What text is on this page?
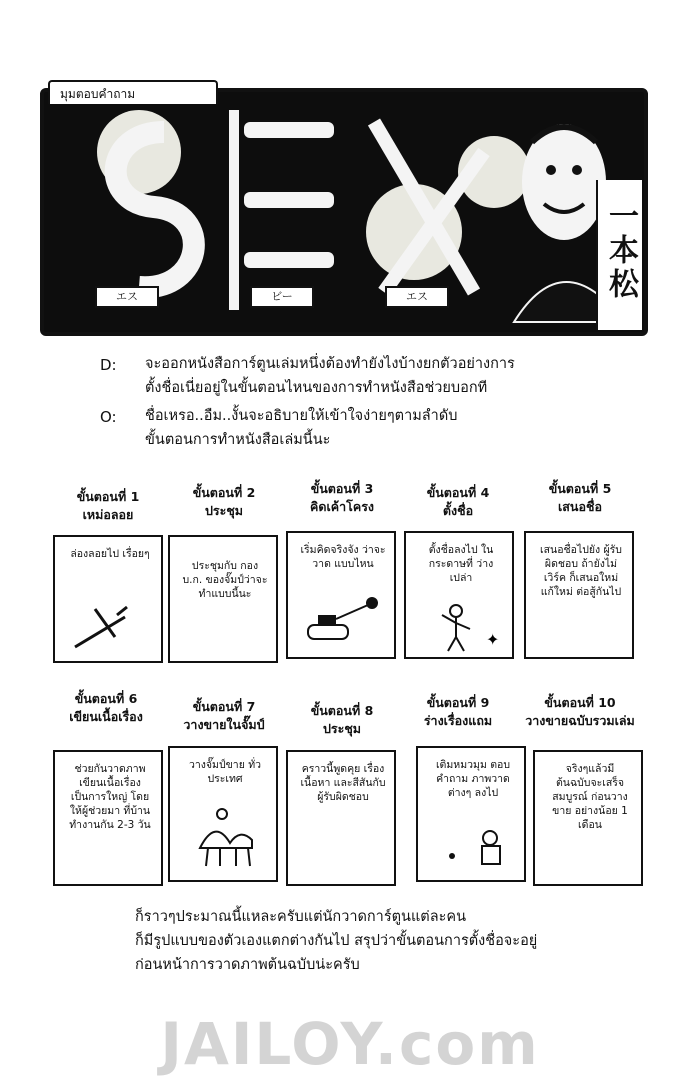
มุมตอบคำถาม
一本松
エス	ビー	エス
D: จะออกหนังสือการ์ตูนเล่มหนึ่งต้องทำยังไงบ้างยกตัวอย่างการ
ตั้งชื่อเนี่ยอยู่ในขั้นตอนไหนของการทำหนังสือช่วยบอกที
O: ชื่อเหรอ..อืม..งั้นจะอธิบายให้เข้าใจง่ายๆตามลำดับ
ขั้นตอนการทำหนังสือเล่มนี้นะ
ขั้นตอนที่ 1
เหม่อลอย
ขั้นตอนที่ 2
ประชุม
ขั้นตอนที่ 3
คิดเค้าโครง
ขั้นตอนที่ 4
ตั้งชื่อ
ขั้นตอนที่ 5
เสนอชื่อ
ล่องลอยไป เรื่อยๆ
ประชุมกับ กอง บ.ก. ของจั๊มป์ว่าจะ ทำแบบนี้นะ
เริ่มคิดจริงจัง ว่าจะวาด แบบไหน
ตั้งชื่อลงไป ในกระดาษที่ ว่างเปล่า
✦
เสนอชื่อไปยัง ผู้รับผิดชอบ ถ้ายังไม่เวิร์ค ก็เสนอใหม่ แก้ใหม่ ต่อสู้กันไป
ขั้นตอนที่ 6
เขียนเนื้อเรื่อง
ขั้นตอนที่ 7
วางขายในจั๊มป์
ขั้นตอนที่ 8
ประชุม
ขั้นตอนที่ 9
ร่างเรื่องแถม
ขั้นตอนที่ 10
วางขายฉบับรวมเล่ม
ช่วยกันวาดภาพ เขียนเนื้อเรื่อง เป็นการใหญ่ โดยให้ผู้ช่วยมา ที่บ้าน ทำงานกัน 2-3 วัน
วางจั๊มป์ขาย ทั่วประเทศ
คราวนี้พูดคุย เรื่องเนื้อหา และสีสันกับ ผู้รับผิดชอบ
เติมหมวมุม ตอบคำถาม ภาพวาดต่างๆ ลงไป
จริงๆแล้วมี ต้นฉบับจะเสร็จ สมบูรณ์ ก่อนวางขาย อย่างน้อย 1 เดือน
ก็ราวๆประมาณนี้แหละครับแต่นักวาดการ์ตูนแต่ละคน
ก็มีรูปแบบของตัวเองแตกต่างกันไป สรุปว่าขั้นตอนการตั้งชื่อจะอยู่
ก่อนหน้าการวาดภาพต้นฉบับน่ะครับ
JAILOY.com
